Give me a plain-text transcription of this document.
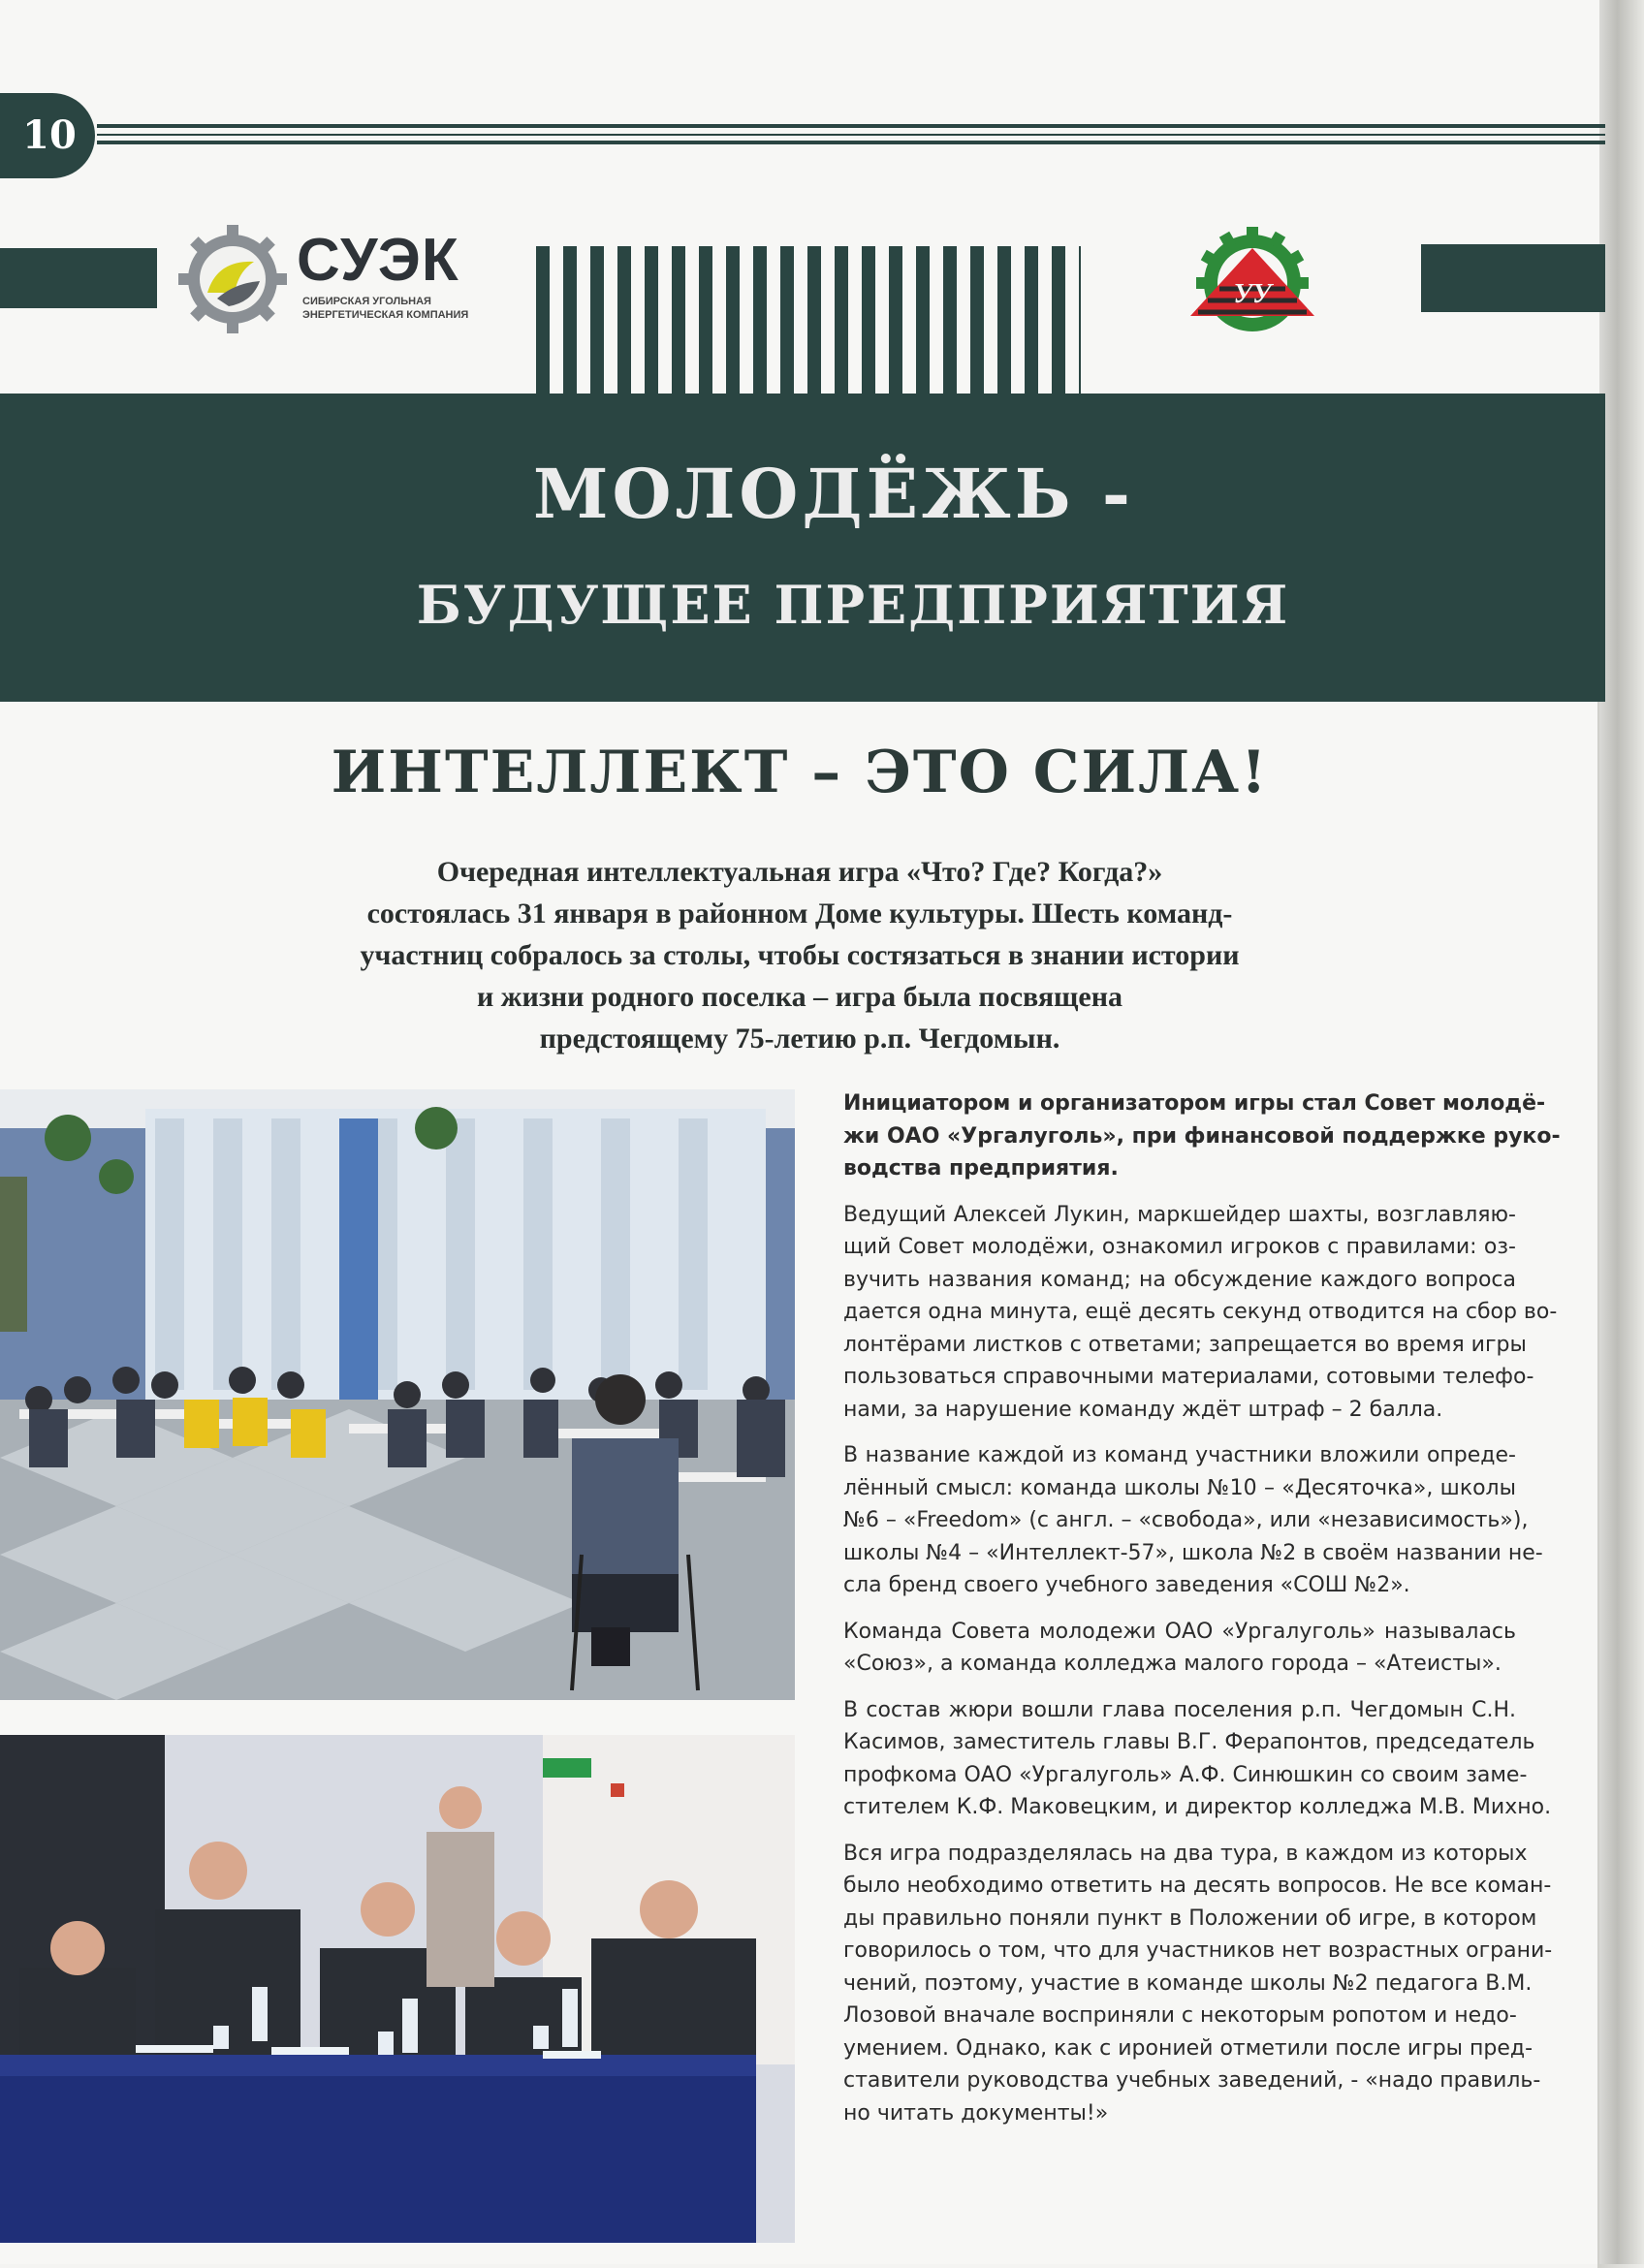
10
СУЭК
СИБИРСКАЯ УГОЛЬНАЯ
ЭНЕРГЕТИЧЕСКАЯ КОМПАНИЯ
УУ
МОЛОДЁЖЬ -
БУДУЩЕЕ ПРЕДПРИЯТИЯ
ИНТЕЛЛЕКТ – ЭТО СИЛА!
Очередная интеллектуальная игра «Что? Где? Когда?»
состоялась 31 января в районном Доме культуры. Шесть команд-
участниц собралось за столы, чтобы состязаться в знании истории
и жизни родного поселка – игра была посвящена
предстоящему 75-летию р.п. Чегдомын.

Инициатором и организатором игры стал Совет молодё-
жи ОАО «Ургалуголь», при финансовой поддержке руко-
водства предприятия.

Ведущий Алексей Лукин, маркшейдер шахты, возглавляю-
щий Совет молодёжи, ознакомил игроков с правилами: оз-
вучить названия команд; на обсуждение каждого вопроса
дается одна минута, ещё десять секунд отводится на сбор во-
лонтёрами листков с ответами; запрещается во время игры
пользоваться справочными материалами, сотовыми телефо-
нами, за нарушение команду ждёт штраф – 2 балла.

В название каждой из команд участники вложили опреде-
лённый смысл: команда школы №10 – «Десяточка», школы
№6 – «Freedom» (с англ. – «свобода», или «независимость»),
школы №4 – «Интеллект-57», школа №2 в своём названии не-
сла бренд своего учебного заведения «СОШ №2».

Команда Совета молодежи ОАО «Ургалуголь» называлась
«Союз», а команда колледжа малого города – «Атеисты».

В состав жюри вошли глава поселения р.п. Чегдомын С.Н.
Касимов, заместитель главы В.Г. Ферапонтов, председатель
профкома ОАО «Ургалуголь» А.Ф. Синюшкин со своим заме-
стителем К.Ф. Маковецким, и директор колледжа М.В. Михно.

Вся игра подразделялась на два тура, в каждом из которых
было необходимо ответить на десять вопросов. Не все коман-
ды правильно поняли пункт в Положении об игре, в котором
говорилось о том, что для участников нет возрастных ограни-
чений, поэтому, участие в команде школы №2 педагога В.М.
Лозовой вначале восприняли с некоторым ропотом и недо-
умением. Однако, как с иронией отметили после игры пред-
ставители руководства учебных заведений, - «надо правиль-
но читать документы!»
